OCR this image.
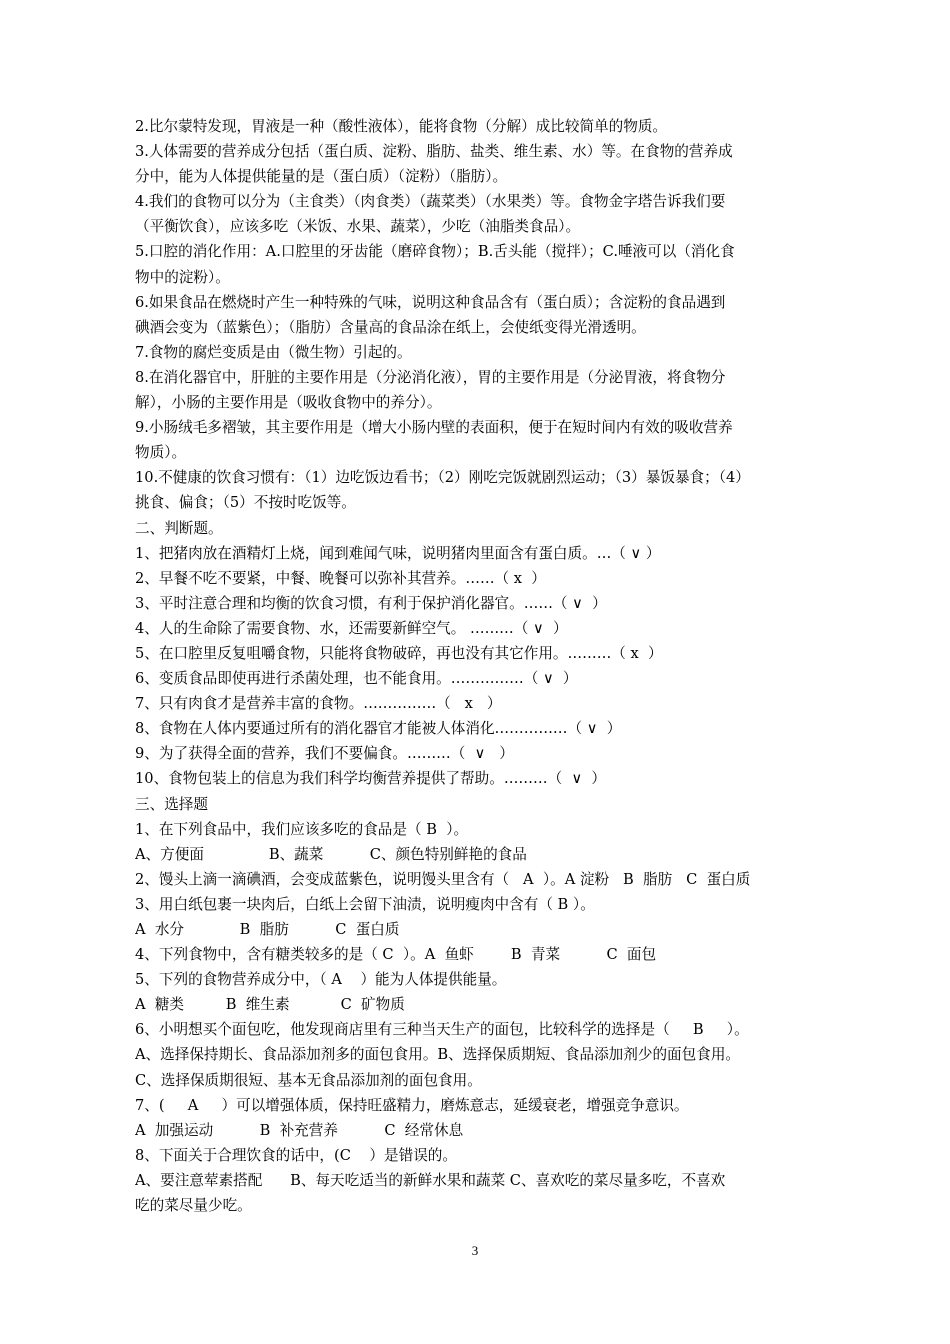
2.比尔蒙特发现，胃液是一种（酸性液体），能将食物（分解）成比较简单的物质。
3.人体需要的营养成分包括（蛋白质、淀粉、脂肪、盐类、维生素、水）等。在食物的营养成
分中，能为人体提供能量的是（蛋白质）（淀粉）（脂肪）。
4.我们的食物可以分为（主食类）（肉食类）（蔬菜类）（水果类）等。食物金字塔告诉我们要
（平衡饮食），应该多吃（米饭、水果、蔬菜），少吃（油脂类食品）。
5.口腔的消化作用：A.口腔里的牙齿能（磨碎食物）；B.舌头能（搅拌）；C.唾液可以（消化食
物中的淀粉）。
6.如果食品在燃烧时产生一种特殊的气味，说明这种食品含有（蛋白质）；含淀粉的食品遇到
碘酒会变为（蓝紫色）；（脂肪）含量高的食品涂在纸上，会使纸变得光滑透明。
7.食物的腐烂变质是由（微生物）引起的。
8.在消化器官中，肝脏的主要作用是（分泌消化液），胃的主要作用是（分泌胃液，将食物分
解），小肠的主要作用是（吸收食物中的养分）。
9.小肠绒毛多褶皱，其主要作用是（增大小肠内壁的表面积，便于在短时间内有效的吸收营养
物质）。
10.不健康的饮食习惯有：（1）边吃饭边看书；（2）刚吃完饭就剧烈运动；（3）暴饭暴食；（4）
挑食、偏食；（5）不按时吃饭等。
二、判断题。
1、把猪肉放在酒精灯上烧，闻到难闻气味，说明猪肉里面含有蛋白质。…（ ∨ ）
2、早餐不吃不要紧，中餐、晚餐可以弥补其营养。……（ x  ）
3、平时注意合理和均衡的饮食习惯，有利于保护消化器官。……（ ∨  ）
4、人的生命除了需要食物、水，还需要新鲜空气。 ………（ ∨  ）
5、在口腔里反复咀嚼食物，只能将食物破碎，再也没有其它作用。………（ x  ）
6、变质食品即使再进行杀菌处理，也不能食用。……………（ ∨  ）
7、只有肉食才是营养丰富的食物。……………（   x   ）
8、食物在人体内要通过所有的消化器官才能被人体消化……………（ ∨  ）
9、为了获得全面的营养，我们不要偏食。………（  ∨   ）
10、食物包装上的信息为我们科学均衡营养提供了帮助。………（  ∨  ）
三、选择题
1、在下列食品中，我们应该多吃的食品是（ B  ）。
A、方便面              B、蔬菜          C、颜色特别鲜艳的食品
2、馒头上滴一滴碘酒，会变成蓝紫色，说明馒头里含有（   A  ）。A 淀粉   B  脂肪   C  蛋白质
3、用白纸包裹一块肉后，白纸上会留下油渍，说明瘦肉中含有（ B ）。
A  水分            B  脂肪          C  蛋白质
4、下列食物中，含有糖类较多的是（ C  ）。A  鱼虾        B  青菜          C  面包
5、下列的食物营养成分中，（ A    ）能为人体提供能量。
A  糖类         B  维生素           C  矿物质
6、小明想买个面包吃，他发现商店里有三种当天生产的面包，比较科学的选择是（     B     ）。
A、选择保持期长、食品添加剂多的面包食用。B、选择保质期短、食品添加剂少的面包食用。
C、选择保质期很短、基本无食品添加剂的面包食用。
7、(     A     ）可以增强体质，保持旺盛精力，磨炼意志，延缓衰老，增强竞争意识。
A  加强运动          B  补充营养          C  经常休息
8、下面关于合理饮食的话中，(C    ）是错误的。
A、要注意荤素搭配      B、每天吃适当的新鲜水果和蔬菜 C、喜欢吃的菜尽量多吃，不喜欢
吃的菜尽量少吃。
3
